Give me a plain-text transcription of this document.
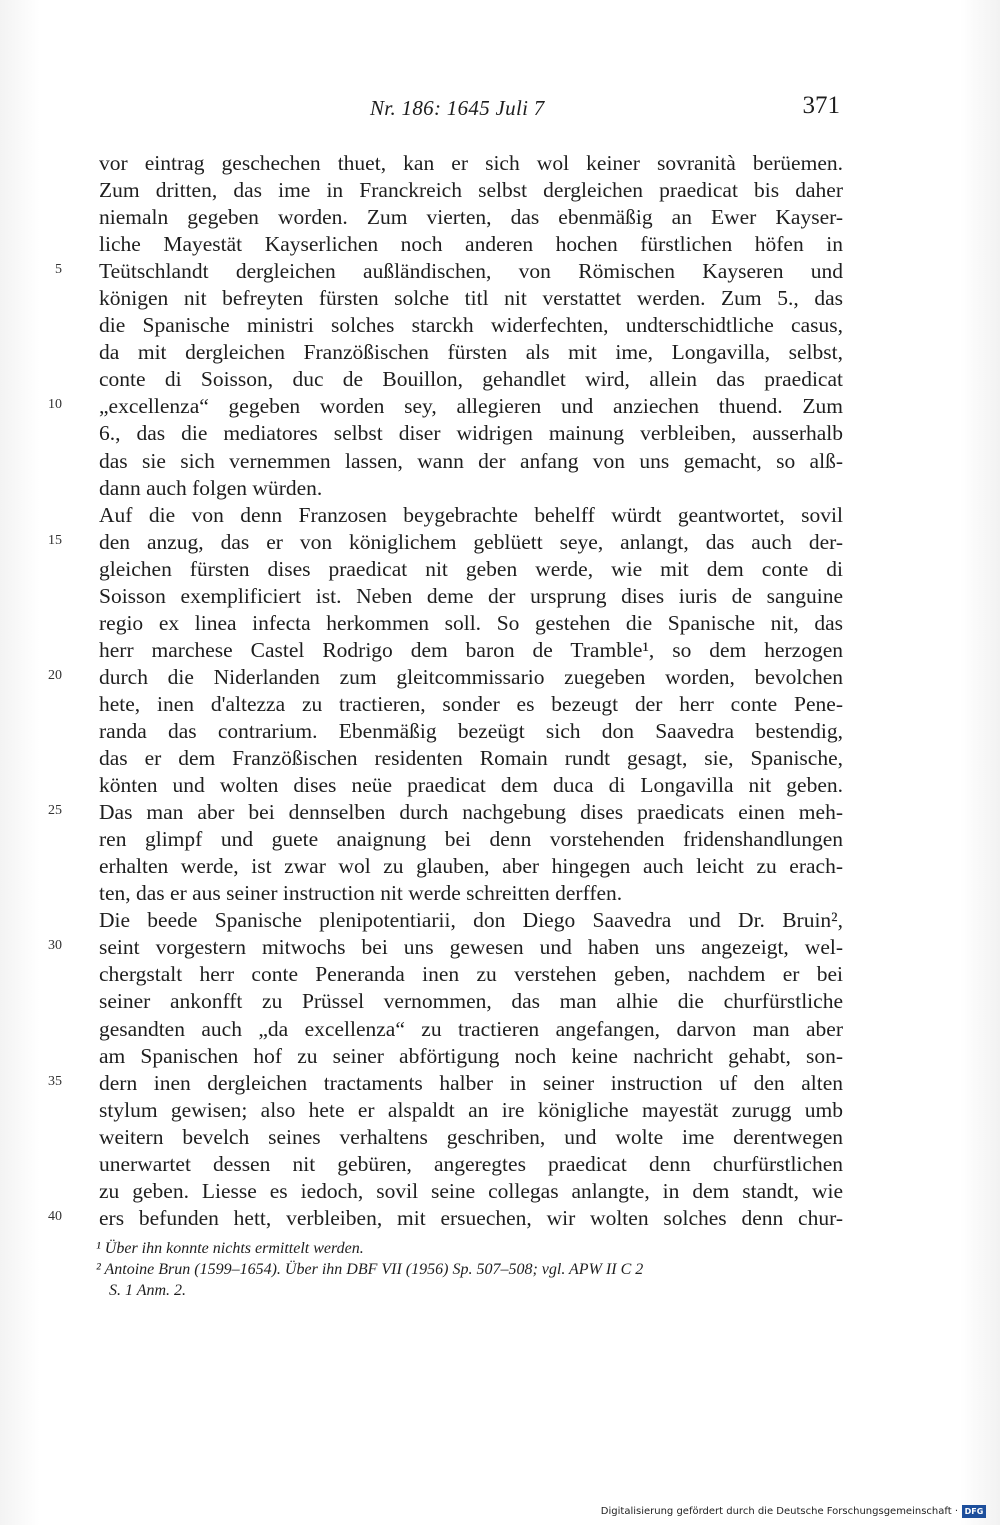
Nr. 186: 1645 Juli 7	371
vor eintrag geschechen thuet, kan er sich wol keiner sovranità berüemen.
Zum dritten, das ime in Franckreich selbst dergleichen praedicat bis daher
niemaln gegeben worden. Zum vierten, das ebenmäßig an Ewer Kayser-
liche Mayestät Kayserlichen noch anderen hochen fürstlichen höfen in
5 Teütschlandt dergleichen außländischen, von Römischen Kayseren und
königen nit befreyten fürsten solche titl nit verstattet werden. Zum 5., das
die Spanische ministri solches starckh widerfechten, undterschidtliche casus,
da mit dergleichen Franzößischen fürsten als mit ime, Longavilla, selbst,
conte di Soisson, duc de Bouillon, gehandlet wird, allein das praedicat
10 „excellenza“ gegeben worden sey, allegieren und anziechen thuend. Zum
6., das die mediatores selbst diser widrigen mainung verbleiben, ausserhalb
das sie sich vernemmen lassen, wann der anfang von uns gemacht, so alß-
dann auch folgen würden.
Auf die von denn Franzosen beygebrachte behelff würdt geantwortet, sovil
15 den anzug, das er von königlichem geblüett seye, anlangt, das auch der-
gleichen fürsten dises praedicat nit geben werde, wie mit dem conte di
Soisson exemplificiert ist. Neben deme der ursprung dises iuris de sanguine
regio ex linea infecta herkommen soll. So gestehen die Spanische nit, das
herr marchese Castel Rodrigo dem baron de Tramble¹, so dem herzogen
20 durch die Niderlanden zum gleitcommissario zuegeben worden, bevolchen
hete, inen d'altezza zu tractieren, sonder es bezeugt der herr conte Pene-
randa das contrarium. Ebenmäßig bezeügt sich don Saavedra bestendig,
das er dem Franzößischen residenten Romain rundt gesagt, sie, Spanische,
könten und wolten dises neüe praedicat dem duca di Longavilla nit geben.
25 Das man aber bei dennselben durch nachgebung dises praedicats einen meh-
ren glimpf und guete anaignung bei denn vorstehenden fridenshandlungen
erhalten werde, ist zwar wol zu glauben, aber hingegen auch leicht zu erach-
ten, das er aus seiner instruction nit werde schreitten derffen.
Die beede Spanische plenipotentiarii, don Diego Saavedra und Dr. Bruin²,
30 seint vorgestern mitwochs bei uns gewesen und haben uns angezeigt, wel-
chergstalt herr conte Peneranda inen zu verstehen geben, nachdem er bei
seiner ankonfft zu Prüssel vernommen, das man alhie die churfürstliche
gesandten auch „da excellenza“ zu tractieren angefangen, darvon man aber
am Spanischen hof zu seiner abförtigung noch keine nachricht gehabt, son-
35 dern inen dergleichen tractaments halber in seiner instruction uf den alten
stylum gewisen; also hete er alspaldt an ire königliche mayestät zurugg umb
weitern bevelch seines verhaltens geschriben, und wolte ime derentwegen
unerwartet dessen nit gebüren, angeregtes praedicat denn churfürstlichen
zu geben. Liesse es iedoch, sovil seine collegas anlangte, in dem standt, wie
40 ers befunden hett, verbleiben, mit ersuechen, wir wolten solches denn chur-
¹ Über ihn konnte nichts ermittelt werden.
² Antoine Brun (1599–1654). Über ihn DBF VII (1956) Sp. 507–508; vgl. APW II C 2
S. 1 Anm. 2.
Digitalisierung gefördert durch die Deutsche Forschungsgemeinschaft · DFG
